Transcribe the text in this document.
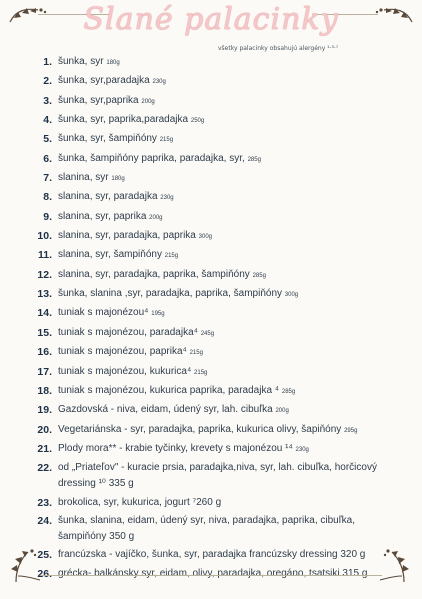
Slané palacinky
všetky palacinky obsahujú alergény ¹·³·⁷
1. šunka, syr 180g
2. šunka, syr,paradajka 230g
3. šunka, syr,paprika 200g
4. šunka, syr, paprika,paradajka 250g
5. šunka, syr, šampiňóny 215g
6. šunka, šampiňóny paprika, paradajka, syr, 285g
7. slanina, syr 180g
8. slanina, syr, paradajka 230g
9. slanina, syr, paprika 200g
10. slanina, syr, paradajka, paprika 300g
11. slanina, syr, šampiňóny 215g
12. slanina, syr, paradajka, paprika, šampiňóny 285g
13. šunka, slanina ,syr, paradajka, paprika, šampiňóny 300g
14. tuniak s majonézou⁴ 195g
15. tuniak s majonézou, paradajka⁴ 245g
16. tuniak s majonézou, paprika⁴ 215g
17. tuniak s majonézou, kukurica⁴ 215g
18. tuniak s majonézou, kukurica paprika, paradajka ⁴ 285g
19. Gazdovská - niva, eidam, údený syr, lah. cibuľka 200g
20. Vegetariánska - syr, paradajka, paprika, kukurica olivy, šapiňóny 295g
21. Plody mora** - krabie tyčinky, krevety s majonézou ¹⁴ 230g
22. od „Priateľov" - kuracie prsia, paradajka,niva, syr, lah. cibuľka, horčicový dressing ¹⁰ 335 g
23. brokolica, syr, kukurica, jogurt ⁷260 g
24. šunka, slanina, eidam, údený syr, niva, paradajka, paprika, cibuľka, šampiňóny 350 g
25. francúzska - vajíčko, šunka, syr, paradajka francúzsky dressing 320 g
26. grécka- balkánsky syr, eidam, olivy, paradajka, oregáno, tsatsiki 315 g
